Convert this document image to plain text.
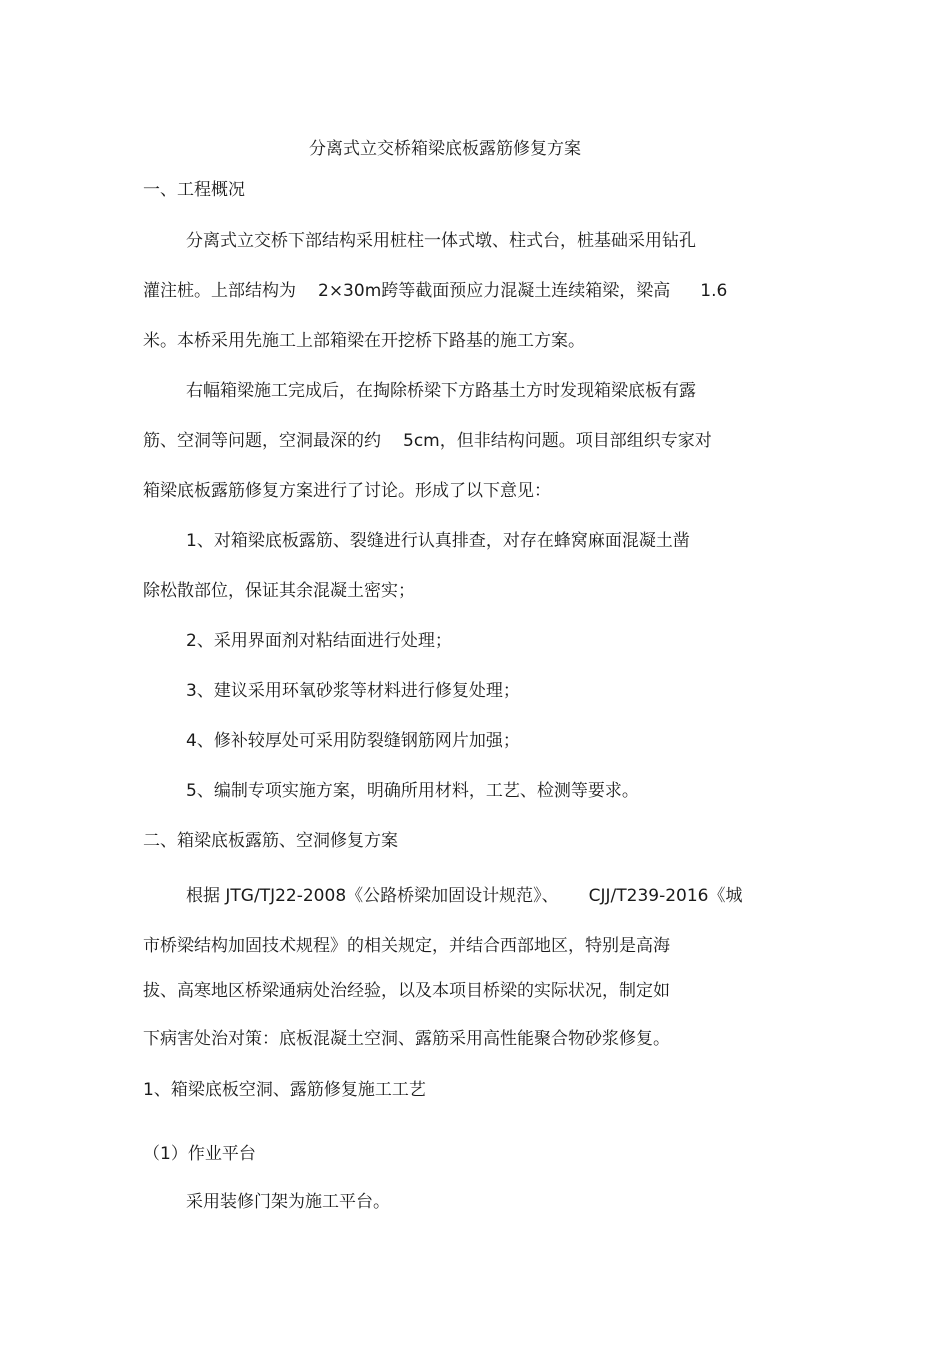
分离式立交桥箱梁底板露筋修复方案

一、工程概况

分离式立交桥下部结构采用桩柱一体式墩、柱式台，桩基础采用钻孔

灌注桩。上部结构为 2×30m跨等截面预应力混凝土连续箱梁，梁高 1.6

米。本桥采用先施工上部箱梁在开挖桥下路基的施工方案。

右幅箱梁施工完成后，在掏除桥梁下方路基土方时发现箱梁底板有露

筋、空洞等问题，空洞最深的约 5cm，但非结构问题。项目部组织专家对

箱梁底板露筋修复方案进行了讨论。形成了以下意见：

1、对箱梁底板露筋、裂缝进行认真排查，对存在蜂窝麻面混凝土凿

除松散部位，保证其余混凝土密实；

2、采用界面剂对粘结面进行处理；

3、建议采用环氧砂浆等材料进行修复处理；

4、修补较厚处可采用防裂缝钢筋网片加强；

5、编制专项实施方案，明确所用材料，工艺、检测等要求。

二、箱梁底板露筋、空洞修复方案

根据 JTG/TJ22-2008《公路桥梁加固设计规范》、 CJJ/T239-2016《城

市桥梁结构加固技术规程》的相关规定，并结合西部地区，特别是高海

拔、高寒地区桥梁通病处治经验，以及本项目桥梁的实际状况，制定如

下病害处治对策：底板混凝土空洞、露筋采用高性能聚合物砂浆修复。

1、箱梁底板空洞、露筋修复施工工艺

（1）作业平台

采用装修门架为施工平台。
